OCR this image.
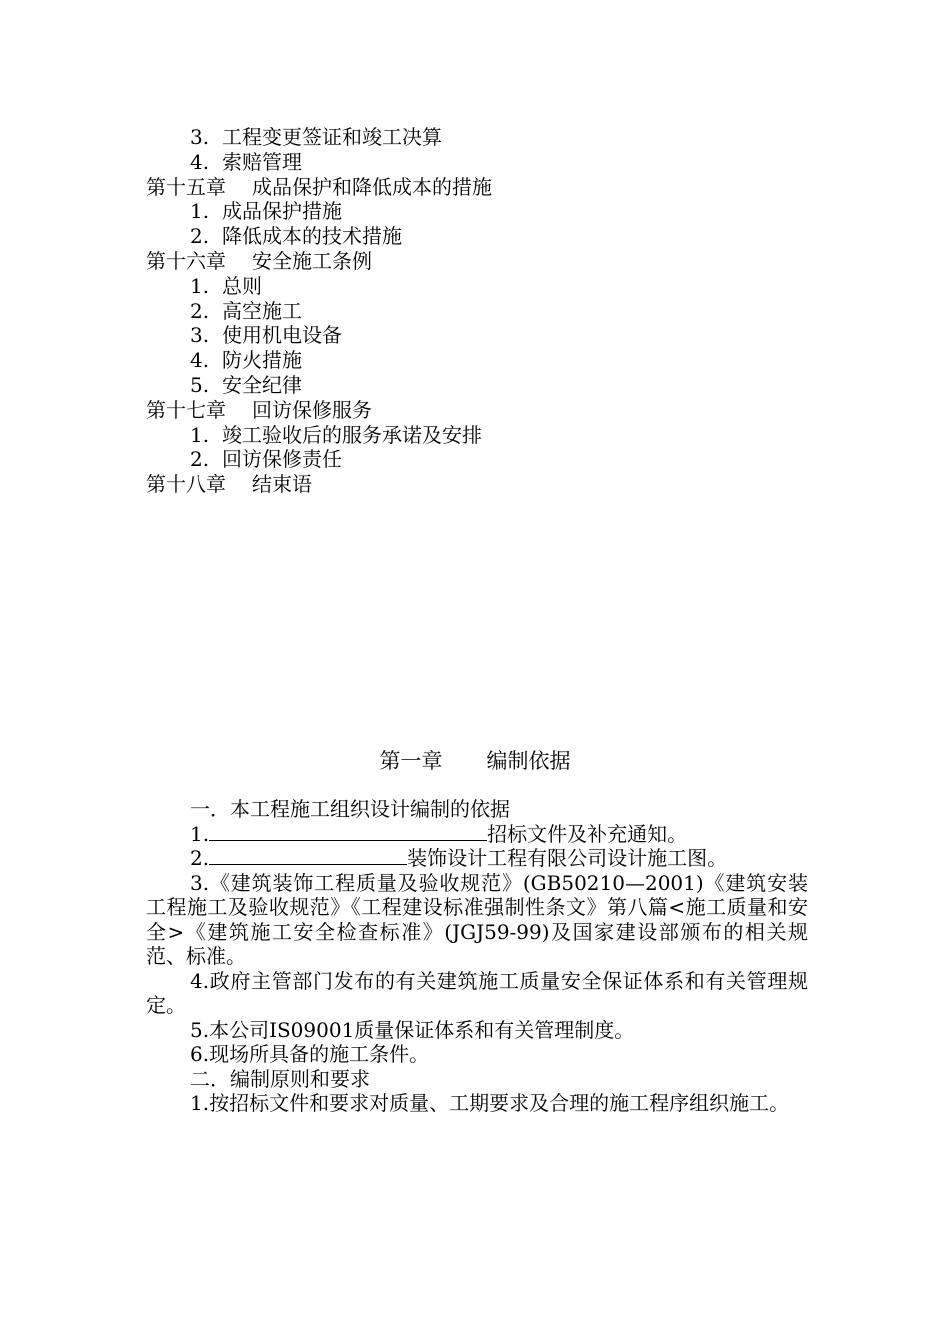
3. 工程变更签证和竣工决算
4. 索赔管理
第十五章 成品保护和降低成本的措施
1. 成品保护措施
2. 降低成本的技术措施
第十六章 安全施工条例
1. 总则
2. 高空施工
3. 使用机电设备
4. 防火措施
5. 安全纪律
第十七章 回访保修服务
1. 竣工验收后的服务承诺及安排
2. 回访保修责任
第十八章 结束语
第一章 编制依据

一．本工程施工组织设计编制的依据

1.	招标文件及补充通知。

2.	装饰设计工程有限公司设计施工图。

3.《建筑装饰工程质量及验收规范》(GB50210—2001)《建筑安装工程施工及验收规范》《工程建设标准强制性条文》第八篇<施工质量和安全>《建筑施工安全检查标准》(JGJ59-99)及国家建设部颁布的相关规范、标准。

4.政府主管部门发布的有关建筑施工质量安全保证体系和有关管理规定。

5.本公司IS09001质量保证体系和有关管理制度。

6.现场所具备的施工条件。

二．编制原则和要求

1.按招标文件和要求对质量、工期要求及合理的施工程序组织施工。
